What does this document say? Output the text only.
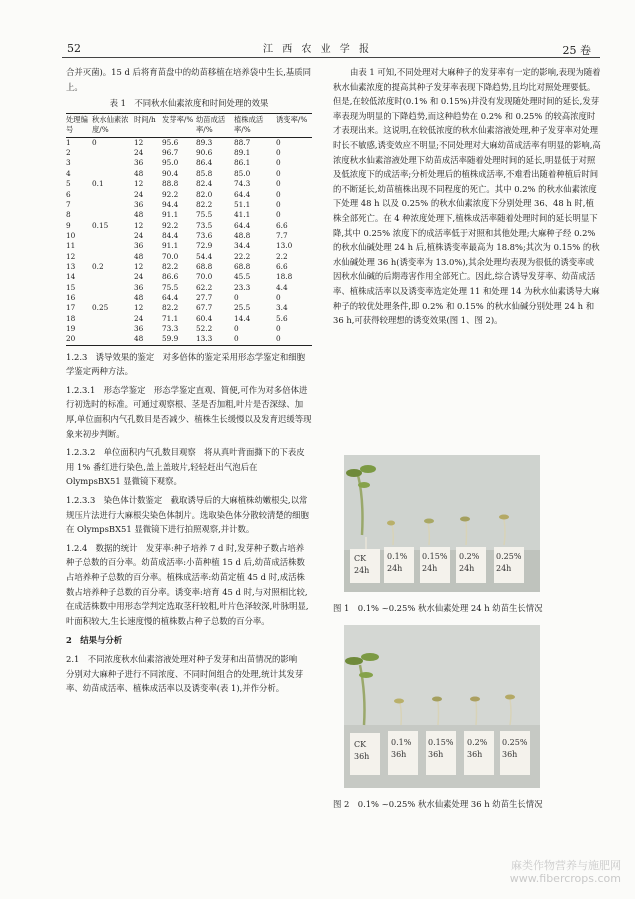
52	江 西 农 业 学 报	25 卷

合并灭菌)。15 d 后将育苗盘中的幼苗移植在培养袋中生长,基质同上。

表 1　不同秋水仙素浓度和时间处理的效果
处理编号	秋水仙素浓度/%	时间/h	发芽率/%	幼苗成活率/%	植株成活率/%	诱变率/%
1	0	12	95.6	89.3	88.7	0
2		24	96.7	90.6	89.1	0
3		36	95.0	86.4	86.1	0
4		48	90.4	85.8	85.0	0
5	0.1	12	88.8	82.4	74.3	0
6		24	92.2	82.0	64.4	0
7		36	94.4	82.2	51.1	0
8		48	91.1	75.5	41.1	0
9	0.15	12	92.2	73.5	64.4	6.6
10		24	84.4	73.6	48.8	7.7
11		36	91.1	72.9	34.4	13.0
12		48	70.0	54.4	22.2	2.2
13	0.2	12	82.2	68.8	68.8	6.6
14		24	86.6	70.0	45.5	18.8
15		36	75.5	62.2	23.3	4.4
16		48	64.4	27.7	0	0
17	0.25	12	82.2	67.7	25.5	3.4
18		24	71.1	60.4	14.4	5.6
19		36	73.3	52.2	0	0
20		48	59.9	13.3	0	0

1.2.3　诱导效果的鉴定　对多倍体的鉴定采用形态学鉴定和细胞学鉴定两种方法。

1.2.3.1　形态学鉴定　形态学鉴定直观、简便,可作为对多倍体进行初选时的标准。可通过观察根、茎是否加粗,叶片是否深绿、加厚,单位面积内气孔数目是否减少、植株生长缓慢以及发育迟缓等现象来初步判断。

1.2.3.2　单位面积内气孔数目观察　将从真叶背面撕下的下表皮用 1% 番红进行染色,盖上盖玻片,轻轻赶出气泡后在 OlympsBX51 显微镜下观察。

1.2.3.3　染色体计数鉴定　截取诱导后的大麻植株幼嫩根尖,以常规压片法进行大麻根尖染色体制片。选取染色体分散较清楚的细胞在 OlympsBX51 显微镜下进行拍照观察,并计数。

1.2.4　数据的统计　发芽率:种子培养 7 d 时,发芽种子数占培养种子总数的百分率。幼苗成活率:小苗种植 15 d 后,幼苗成活株数占培养种子总数的百分率。植株成活率:幼苗定植 45 d 时,成活株数占培养种子总数的百分率。诱变率:培育 45 d 时,与对照相比较,在成活株数中用形态学判定选取茎秆较粗,叶片色泽较深,叶脉明显,叶面积较大,生长速度慢的植株数占种子总数的百分率。

2　结果与分析

2.1　不同浓度秋水仙素溶液处理对种子发芽和出苗情况的影响　分别对大麻种子进行不同浓度、不同时间组合的处理,统计其发芽率、幼苗成活率、植株成活率以及诱变率(表 1),并作分析。

由表 1 可知,不同处理对大麻种子的发芽率有一定的影响,表现为随着秋水仙素浓度的提高其种子发芽率表现下降趋势,且均比对照处理要低。但是,在较低浓度时(0.1% 和 0.15%)并没有发现随处理时间的延长,发芽率表现为明显的下降趋势,而这种趋势在 0.2% 和 0.25% 的较高浓度时才表现出来。这说明,在较低浓度的秋水仙素溶液处理,种子发芽率对处理时长不敏感,诱变效应不明显;不同处理对大麻幼苗成活率有明显的影响,高浓度秋水仙素溶液处理下幼苗成活率随着处理时间的延长,明显低于对照及低浓度下的成活率;分析处理后的植株成活率,不难看出随着种植后时间的不断延长,幼苗植株出现不同程度的死亡。其中 0.2% 的秋水仙素浓度下处理 48 h 以及 0.25% 的秋水仙素浓度下分别处理 36、48 h 时,植株全部死亡。在 4 种浓度处理下,植株成活率随着处理时间的延长明显下降,其中 0.25% 浓度下的成活率低于对照和其他处理;大麻种子经 0.2% 的秋水仙碱处理 24 h 后,植株诱变率最高为 18.8%;其次为 0.15% 的秋水仙碱处理 36 h(诱变率为 13.0%),其余处理均表现为很低的诱变率或因秋水仙碱的后期毒害作用全部死亡。因此,综合诱导发芽率、幼苗成活率、植株成活率以及诱变率选定处理 11 和处理 14 为秋水仙素诱导大麻种子的较优处理条件,即 0.2% 和 0.15% 的秋水仙碱分别处理 24 h 和 36 h,可获得较理想的诱变效果(图 1、图 2)。

CK 24h
0.1% 24h
0.15% 24h
0.2% 24h
0.25% 24h
图 1　0.1% ~0.25% 秋水仙素处理 24 h 幼苗生长情况
CK 36h
0.1% 36h
0.15% 36h
0.2% 36h
0.25% 36h
图 2　0.1% ~0.25% 秋水仙素处理 36 h 幼苗生长情况
麻类作物营养与施肥网
www.fibercrops.com
